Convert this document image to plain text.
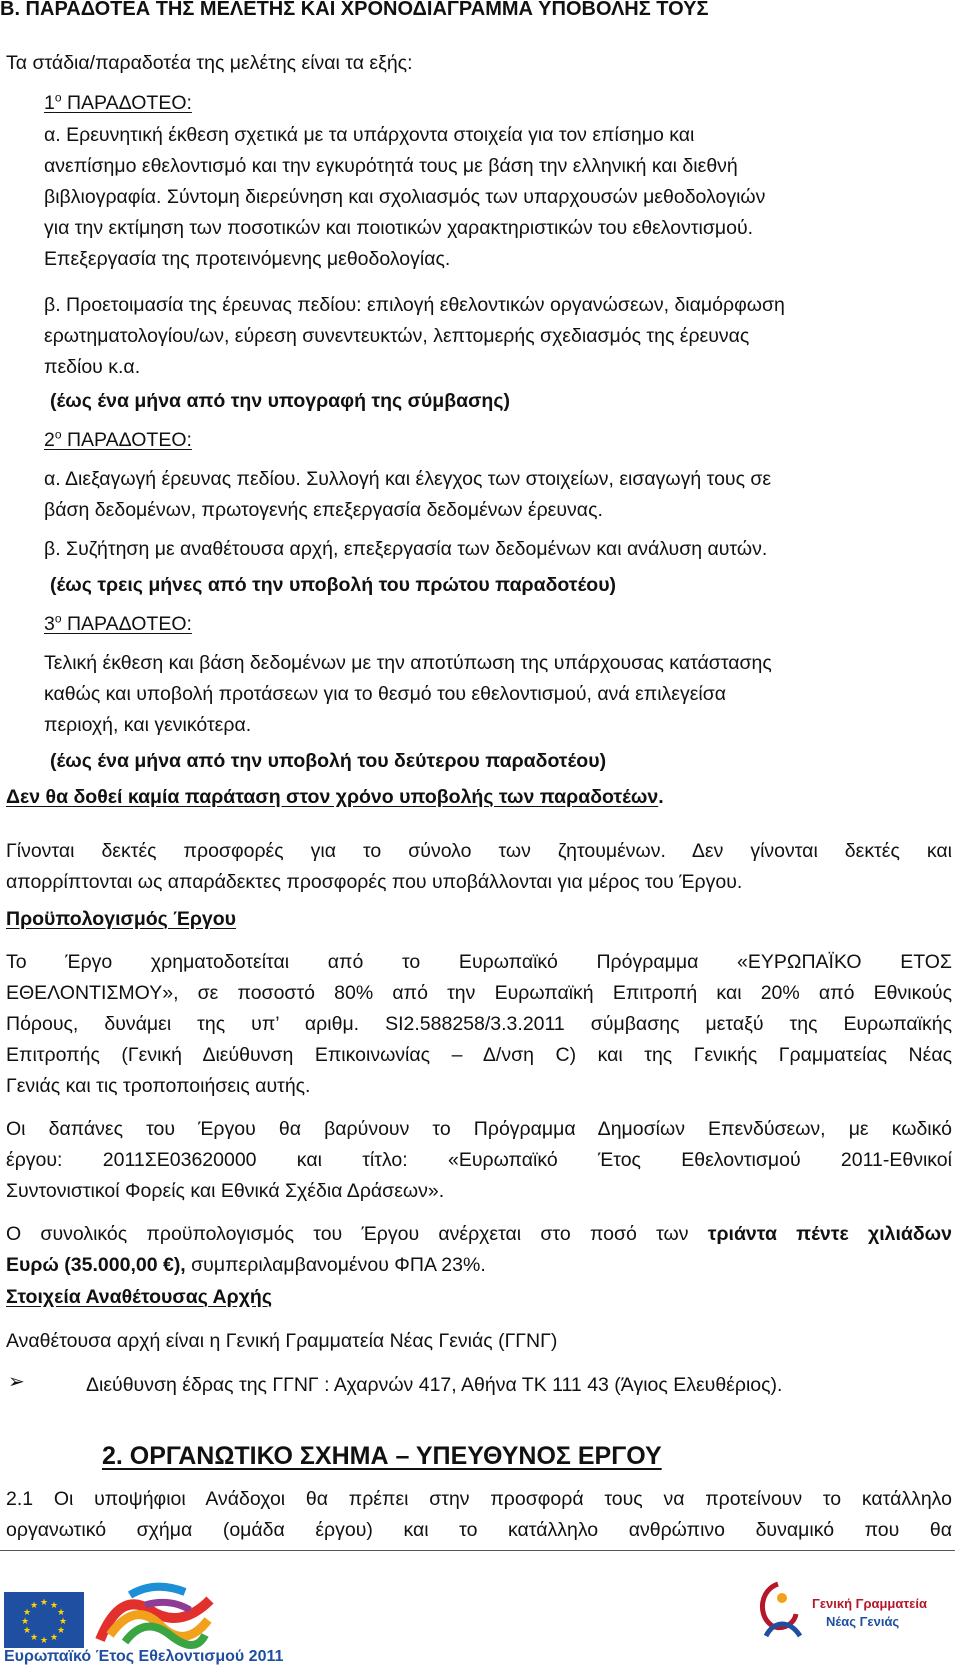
Β. ΠΑΡΑΔΟΤΕΑ ΤΗΣ ΜΕΛΕΤΗΣ ΚΑΙ ΧΡΟΝΟΔΙΑΓΡΑΜΜΑ ΥΠΟΒΟΛΗΣ ΤΟΥΣ
Τα στάδια/παραδοτέα της μελέτης είναι τα εξής:
$1^o$ ΠΑΡΑΔΟΤΕΟ:
α. Ερευνητική έκθεση σχετικά με τα υπάρχοντα στοιχεία για τον επίσημο και
ανεπίσημο εθελοντισμό και την εγκυρότητά τους με βάση την ελληνική και διεθνή
βιβλιογραφία. Σύντομη διερεύνηση και σχολιασμός των υπαρχουσών μεθοδολογιών
για την εκτίμηση των ποσοτικών και ποιοτικών χαρακτηριστικών του εθελοντισμού.
Επεξεργασία της προτεινόμενης μεθοδολογίας.
β. Προετοιμασία της έρευνας πεδίου: επιλογή εθελοντικών οργανώσεων, διαμόρφωση
ερωτηματολογίου/ων, εύρεση συνεντευκτών, λεπτομερής σχεδιασμός της έρευνας
πεδίου κ.α.
(έως ένα μήνα από την υπογραφή της σύμβασης)
$2^o$ ΠΑΡΑΔΟΤΕΟ:
α. Διεξαγωγή έρευνας πεδίου. Συλλογή και έλεγχος των στοιχείων, εισαγωγή τους σε
βάση δεδομένων, πρωτογενής επεξεργασία δεδομένων έρευνας.
β. Συζήτηση με αναθέτουσα αρχή, επεξεργασία των δεδομένων και ανάλυση αυτών.
(έως τρεις μήνες από την υποβολή του πρώτου παραδοτέου)
$3^o$ ΠΑΡΑΔΟΤΕΟ:
Τελική έκθεση και βάση δεδομένων με την αποτύπωση της υπάρχουσας κατάστασης
καθώς και υποβολή προτάσεων για το θεσμό του εθελοντισμού, ανά επιλεγείσα
περιοχή, και γενικότερα.
(έως ένα μήνα από την υποβολή του δεύτερου παραδοτέου)
Δεν θα δοθεί καμία παράταση στον χρόνο υποβολής των παραδοτέων.
Γίνονται δεκτές προσφορές για το σύνολο των ζητουμένων. Δεν γίνονται δεκτές και
απορρίπτονται ως απαράδεκτες προσφορές που υποβάλλονται για μέρος του Έργου.
Προϋπολογισμός Έργου
Το Έργο χρηματοδοτείται από το Ευρωπαϊκό Πρόγραμμα «ΕΥΡΩΠΑΪΚΟ ΕΤΟΣ
ΕΘΕΛΟΝΤΙΣΜΟΥ», σε ποσοστό 80% από την Ευρωπαϊκή Επιτροπή και 20% από Εθνικούς
Πόρους, δυνάμει της υπ’ αριθμ. SI2.588258/3.3.2011 σύμβασης μεταξύ της Ευρωπαϊκής
Επιτροπής (Γενική Διεύθυνση Επικοινωνίας – Δ/νση C) και της Γενικής Γραμματείας Νέας
Γενιάς και τις τροποποιήσεις αυτής.
Οι δαπάνες του Έργου θα βαρύνουν το Πρόγραμμα Δημοσίων Επενδύσεων, με κωδικό
έργου: 2011ΣΕ03620000 και τίτλο: «Ευρωπαϊκό Έτος Εθελοντισμού 2011-Εθνικοί
Συντονιστικοί Φορείς και Εθνικά Σχέδια Δράσεων».
Ο συνολικός προϋπολογισμός του Έργου ανέρχεται στο ποσό των τριάντα πέντε χιλιάδων
Ευρώ (35.000,00 €), συμπεριλαμβανομένου ΦΠΑ 23%.
Στοιχεία Αναθέτουσας Αρχής
Αναθέτουσα αρχή είναι η Γενική Γραμματεία Νέας Γενιάς (ΓΓΝΓ)
➢	Διεύθυνση έδρας της ΓΓΝΓ : Αχαρνών 417, Αθήνα ΤΚ 111 43 (Άγιος Ελευθέριος).
2. ΟΡΓΑΝΩΤΙΚΟ ΣΧΗΜΑ – ΥΠΕΥΘΥΝΟΣ ΕΡΓΟΥ
2.1 Οι υποψήφιοι Ανάδοχοι θα πρέπει στην προσφορά τους να προτείνουν το κατάλληλο
οργανωτικό σχήμα (ομάδα έργου) και το κατάλληλο ανθρώπινο δυναμικό που θα
★ ★
★
★
★
★
★
★
★
★
★
★
Ευρωπαϊκό Έτος Εθελοντισμού 2011
Γενική Γραμματεία
Νέας Γενιάς
